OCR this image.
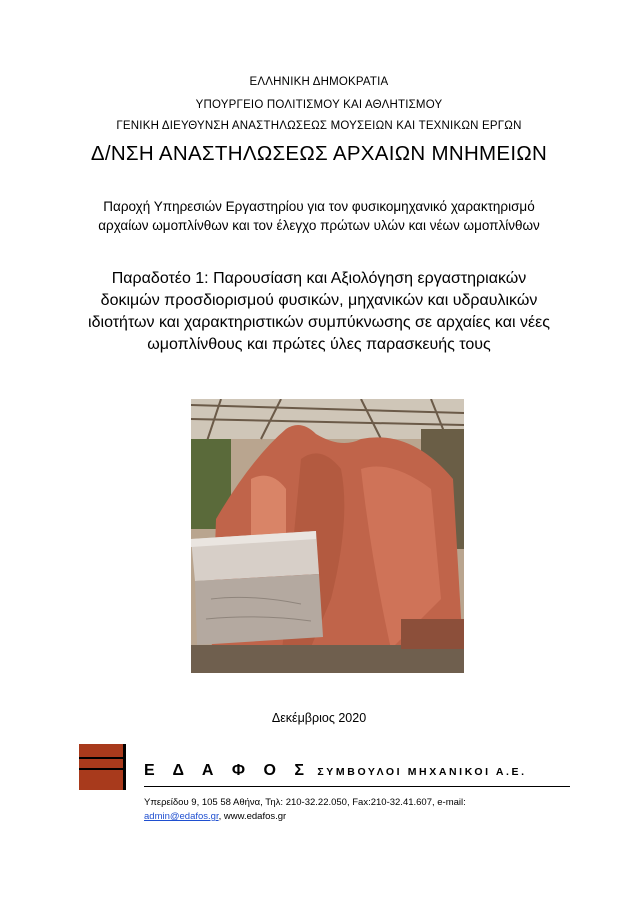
ΕΛΛΗΝΙΚΗ ΔΗΜΟΚΡΑΤΙΑ
ΥΠΟΥΡΓΕΙΟ ΠΟΛΙΤΙΣΜΟΥ ΚΑΙ ΑΘΛΗΤΙΣΜΟΥ
ΓΕΝΙΚΗ ΔΙΕΥΘΥΝΣΗ ΑΝΑΣΤΗΛΩΣΕΩΣ ΜΟΥΣΕΙΩΝ ΚΑΙ ΤΕΧΝΙΚΩΝ ΕΡΓΩΝ
Δ/ΝΣΗ ΑΝΑΣΤΗΛΩΣΕΩΣ ΑΡΧΑΙΩΝ ΜΝΗΜΕΙΩΝ
Παροχή Υπηρεσιών Εργαστηρίου για τον φυσικομηχανικό χαρακτηρισμό
αρχαίων ωμοπλίνθων και τον έλεγχο πρώτων υλών και νέων ωμοπλίνθων
Παραδοτέο 1: Παρουσίαση και Αξιολόγηση εργαστηριακών
δοκιμών προσδιορισμού φυσικών, μηχανικών και υδραυλικών
ιδιοτήτων και χαρακτηριστικών συμπύκνωσης σε αρχαίες και νέες
ωμοπλίνθους και πρώτες ύλες παρασκευής τους
Δεκέμβριος 2020
Ε Δ Α Φ Ο Σ ΣΥΜΒΟΥΛΟΙ ΜΗΧΑΝΙΚΟΙ Α.Ε.
Υπερείδου 9, 105 58 Αθήνα, Τηλ: 210-32.22.050, Fax:210-32.41.607, e-mail:
admin@edafos.gr, www.edafos.gr
